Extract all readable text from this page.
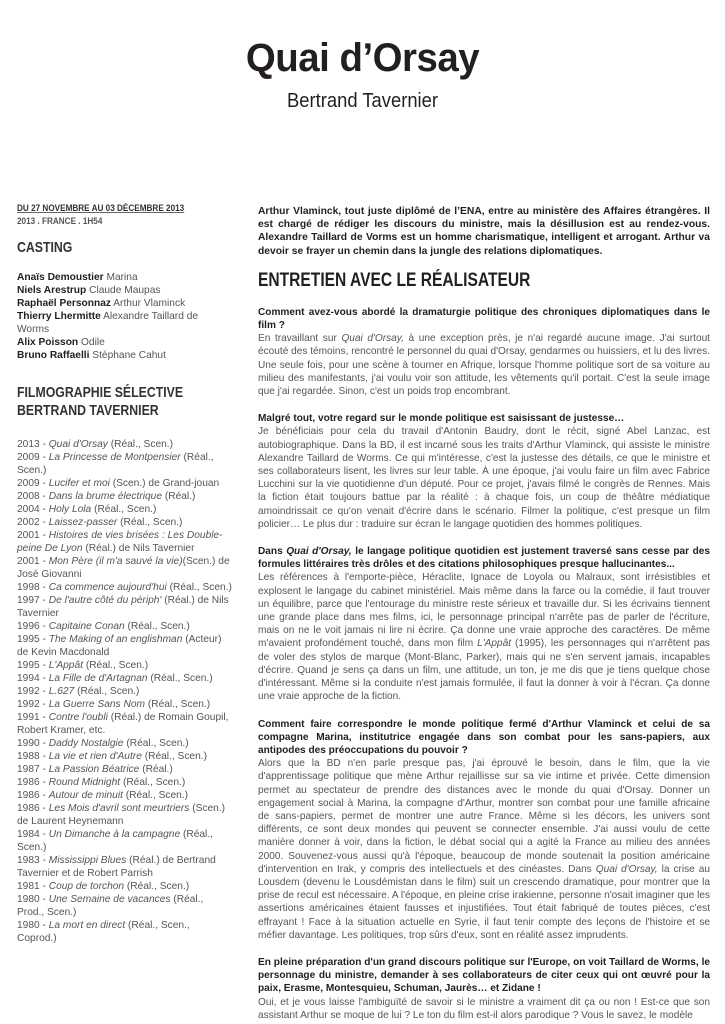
Quai d’Orsay
Bertrand Tavernier
DU 27 NOVEMBRE AU 03 DÉCEMBRE 2013
2013 . FRANCE . 1H54
CASTING
Anaïs Demoustier Marina
Niels Arestrup Claude Maupas
Raphaël Personnaz Arthur Vlaminck
Thierry Lhermitte Alexandre Taillard de Worms
Alix Poisson Odile
Bruno Raffaelli Stéphane Cahut
FILMOGRAPHIE SÉLECTIVE
BERTRAND TAVERNIER
2013 - Quai d'Orsay (Réal., Scen.)
2009 - La Princesse de Montpensier (Réal., Scen.)
2009 - Lucifer et moi (Scen.) de Grand-jouan
2008 - Dans la brume électrique (Réal.)
2004 - Holy Lola (Réal., Scen.)
2002 - Laissez-passer (Réal., Scen.)
2001 - Histoires de vies brisées : Les Double-peine De Lyon (Réal.) de Nils Tavernier
2001 - Mon Père (il m'a sauvé la vie)(Scen.) de José Giovanni
1998 - Ca commence aujourd'hui (Réal., Scen.)
1997 - De l'autre côté du périph' (Réal.) de Nils Tavernier
1996 - Capitaine Conan (Réal., Scen.)
1995 - The Making of an englishman (Acteur) de Kevin Macdonald
1995 - L'Appât (Réal., Scen.)
1994 - La Fille de d'Artagnan (Réal., Scen.)
1992 - L.627 (Réal., Scen.)
1992 - La Guerre Sans Nom (Réal., Scen.)
1991 - Contre l'oubli (Réal.) de Romain Goupil, Robert Kramer, etc.
1990 - Daddy Nostalgie (Réal., Scen.)
1988 - La vie et rien d'Autre (Réal., Scen.)
1987 - La Passion Béatrice (Réal.)
1986 - Round Midnight (Réal., Scen.)
1986 - Autour de minuit (Réal., Scen.)
1986 - Les Mois d'avril sont meurtriers (Scen.) de Laurent Heynemann
1984 - Un Dimanche à la campagne (Réal., Scen.)
1983 - Mississippi Blues (Réal.) de Bertrand Tavernier et de Robert Parrish
1981 - Coup de torchon (Réal., Scen.)
1980 - Une Semaine de vacances (Réal., Prod., Scen.)
1980 - La mort en direct (Réal., Scen., Coprod.)
Arthur Vlaminck, tout juste diplômé de l’ENA, entre au ministère des Affaires étrangères. Il est chargé de rédiger les discours du ministre, mais la désillusion est au rendez-vous. Alexandre Taillard de Vorms est un homme charismatique, intelligent et arrogant. Arthur va devoir se frayer un chemin dans la jungle des relations diplomatiques.
ENTRETIEN AVEC LE RÉALISATEUR
Comment avez-vous abordé la dramaturgie politique des chroniques diplomatiques dans le film ?
En travaillant sur Quai d'Orsay, à une exception près, je n'ai regardé aucune image. J'ai surtout écouté des témoins, rencontré le personnel du quai d'Orsay, gendarmes ou huissiers, et lu des livres. Une seule fois, pour une scène à tourner en Afrique, lorsque l'homme politique sort de sa voiture au milieu des manifestants, j'ai voulu voir son attitude, les vêtements qu'il portait. C'est la seule image que j'ai regardée. Sinon, c'est un poids trop encombrant.
Malgré tout, votre regard sur le monde politique est saisissant de justesse…
Je bénéficiais pour cela du travail d'Antonin Baudry, dont le récit, signé Abel Lanzac, est autobiographique. Dans la BD, il est incarné sous les traits d'Arthur Vlaminck, qui assiste le ministre Alexandre Taillard de Worms. Ce qui m'intéresse, c'est la justesse des détails, ce que le ministre et ses collaborateurs lisent, les livres sur leur table. À une époque, j'ai voulu faire un film avec Fabrice Lucchini sur la vie quotidienne d'un député. Pour ce projet, j'avais filmé le congrès de Rennes. Mais la fiction était toujours battue par la réalité : à chaque fois, un coup de théâtre médiatique amoindrissait ce qu'on venait d'écrire dans le scénario. Filmer la politique, c'est presque un film policier… Le plus dur : traduire sur écran le langage quotidien des hommes politiques.
Dans Quai d'Orsay, le langage politique quotidien est justement traversé sans cesse par des formules littéraires très drôles et des citations philosophiques presque hallucinantes...
Les références à l'emporte-pièce, Héraclite, Ignace de Loyola ou Malraux, sont irrésistibles et explosent le langage du cabinet ministériel. Mais même dans la farce ou la comédie, il faut trouver un équilibre, parce que l'entourage du ministre reste sérieux et travaille dur. Si les écrivains tiennent une grande place dans mes films, ici, le personnage principal n'arrête pas de parler de l'écriture, mais on ne le voit jamais ni lire ni écrire. Ça donne une vraie approche des caractères. De même m'avaient profondément touché, dans mon film L'Appât (1995), les personnages qui n'arrêtent pas de voler des stylos de marque (Mont-Blanc, Parker), mais qui ne s'en servent jamais, incapables d'écrire. Quand je sens ça dans un film, une attitude, un ton, je me dis que je tiens quelque chose d'intéressant. Même si la conduite n'est jamais formulée, il faut la donner à voir à l'écran. Ça donne une vraie approche de la fiction.
Comment faire correspondre le monde politique fermé d'Arthur Vlaminck et celui de sa compagne Marina, institutrice engagée dans son combat pour les sans-papiers, aux antipodes des préoccupations du pouvoir ?
Alors que la BD n'en parle presque pas, j'ai éprouvé le besoin, dans le film, que la vie d'apprentissage politique que mène Arthur rejaillisse sur sa vie intime et privée. Cette dimension permet au spectateur de prendre des distances avec le monde du quai d'Orsay. Donner un engagement social à Marina, la compagne d'Arthur, montrer son combat pour une famille africaine de sans-papiers, permet de montrer une autre France. Même si les décors, les univers sont différents, ce sont deux mondes qui peuvent se connecter ensemble. J'ai aussi voulu de cette manière donner à voir, dans la fiction, le débat social qui a agité la France au milieu des années 2000. Souvenez-vous aussi qu'à l'époque, beaucoup de monde soutenait la position américaine d'intervention en Irak, y compris des intellectuels et des cinéastes. Dans Quai d'Orsay, la crise au Lousdem (devenu le Lousdémistan dans le film) suit un crescendo dramatique, pour montrer que la prise de recul est nécessaire. A l'époque, en pleine crise irakienne, personne n'osait imaginer que les assertions américaines étaient fausses et injustifiées. Tout était fabriqué de toutes pièces, c'est effrayant ! Face à la situation actuelle en Syrie, il faut tenir compte des leçons de l'histoire et se méfier davantage. Les politiques, trop sûrs d'eux, sont en réalité assez imprudents.
En pleine préparation d'un grand discours politique sur l'Europe, on voit Taillard de Worms, le personnage du ministre, demander à ses collaborateurs de citer ceux qui ont œuvré pour la paix, Erasme, Montesquieu, Schuman, Jaurès… et Zidane !
Oui, et je vous laisse l'ambiguïté de savoir si le ministre a vraiment dit ça ou non ! Est-ce que son assistant Arthur se moque de lui ? Le ton du film est-il alors parodique ? Vous le savez, le modèle
